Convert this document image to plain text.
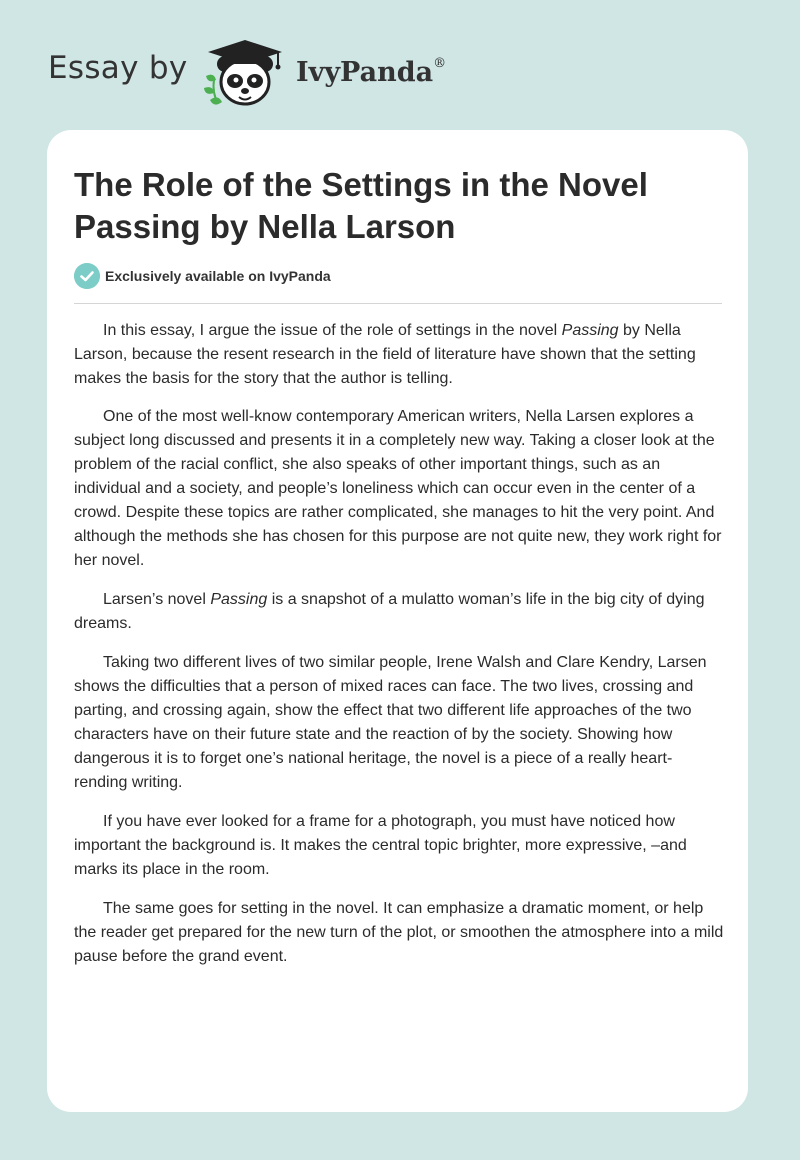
Essay by	IvyPanda®
The Role of the Settings in the Novel Passing by Nella Larson
Exclusively available on IvyPanda

In this essay, I argue the issue of the role of settings in the novel Passing by Nella Larson, because the resent research in the field of literature have shown that the setting makes the basis for the story that the author is telling.

One of the most well-know contemporary American writers, Nella Larsen explores a subject long discussed and presents it in a completely new way. Taking a closer look at the problem of the racial conflict, she also speaks of other important things, such as an individual and a society, and people’s loneliness which can occur even in the center of a crowd. Despite these topics are rather complicated, she manages to hit the very point. And although the methods she has chosen for this purpose are not quite new, they work right for her novel.

Larsen’s novel Passing is a snapshot of a mulatto woman’s life in the big city of dying dreams.

Taking two different lives of two similar people, Irene Walsh and Clare Kendry, Larsen shows the difficulties that a person of mixed races can face. The two lives, crossing and parting, and crossing again, show the effect that two different life approaches of the two characters have on their future state and the reaction of by the society. Showing how dangerous it is to forget one’s national heritage, the novel is a piece of a really heart-rending writing.

If you have ever looked for a frame for a photograph, you must have noticed how important the background is. It makes the central topic brighter, more expressive, –and marks its place in the room.

The same goes for setting in the novel. It can emphasize a dramatic moment, or help the reader get prepared for the new turn of the plot, or smoothen the atmosphere into a mild pause before the grand event.
